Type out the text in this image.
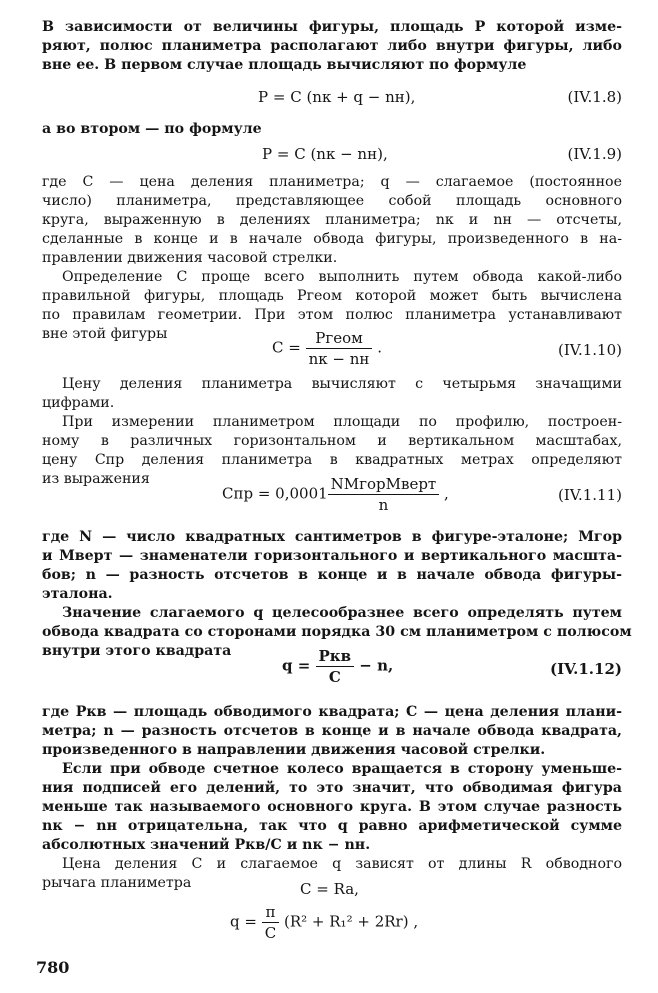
В зависимости от величины фигуры, площадь P которой изме-
ряют, полюс планиметра располагают либо внутри фигуры, либо
вне ее. В первом случае площадь вычисляют по формуле
P = C (nк + q − nн),	(IV.1.8)
а во втором — по формуле
P = C (nк − nн),	(IV.1.9)
где C — цена деления планиметра; q — слагаемое (постоянное
число) планиметра, представляющее собой площадь основного
круга, выраженную в делениях планиметра; nк и nн — отсчеты,
сделанные в конце и в начале обвода фигуры, произведенного в на-
правлении движения часовой стрелки.
Определение C проще всего выполнить путем обвода какой-либо
правильной фигуры, площадь Pгеом которой может быть вычислена
по правилам геометрии. При этом полюс планиметра устанавливают
вне этой фигуры
$C = \frac{\text{Pгеом}}{nк - nн}$ .	(IV.1.10)
Цену деления планиметра вычисляют с четырьмя значащими
цифрами.
При измерении планиметром площади по профилю, построен-
ному в различных горизонтальном и вертикальном масштабах,
цену Cпр деления планиметра в квадратных метрах определяют
из выражения
Cпр = $0,0001 \frac{\text{NMгорMверт}}{n}$ ,	(IV.1.11)
где N — число квадратных сантиметров в фигуре-эталоне; Mгор
и Mверт — знаменатели горизонтального и вертикального масшта-
бов; n — разность отсчетов в конце и в начале обвода фигуры-
эталона.
Значение слагаемого q целесообразнее всего определять путем
обвода квадрата со сторонами порядка 30 см планиметром с полюсом
внутри этого квадрата
$q = \frac{\text{Pкв}}{C} - n$,	(IV.1.12)
где Pкв — площадь обводимого квадрата; C — цена деления плани-
метра; n — разность отсчетов в конце и в начале обвода квадрата,
произведенного в направлении движения часовой стрелки.
Если при обводе счетное колесо вращается в сторону уменьше-
ния подписей его делений, то это значит, что обводимая фигура
меньше так называемого основного круга. В этом случае разность
nк − nн отрицательна, так что q равно арифметической сумме
абсолютных значений Pкв/C и nк − nн.
Цена деления C и слагаемое q зависят от длины R обводного
рычага планиметра	C = Ra,
$q = \frac{\pi}{C} (R^2 + R_1^2 + 2Rr)$ ,
780
